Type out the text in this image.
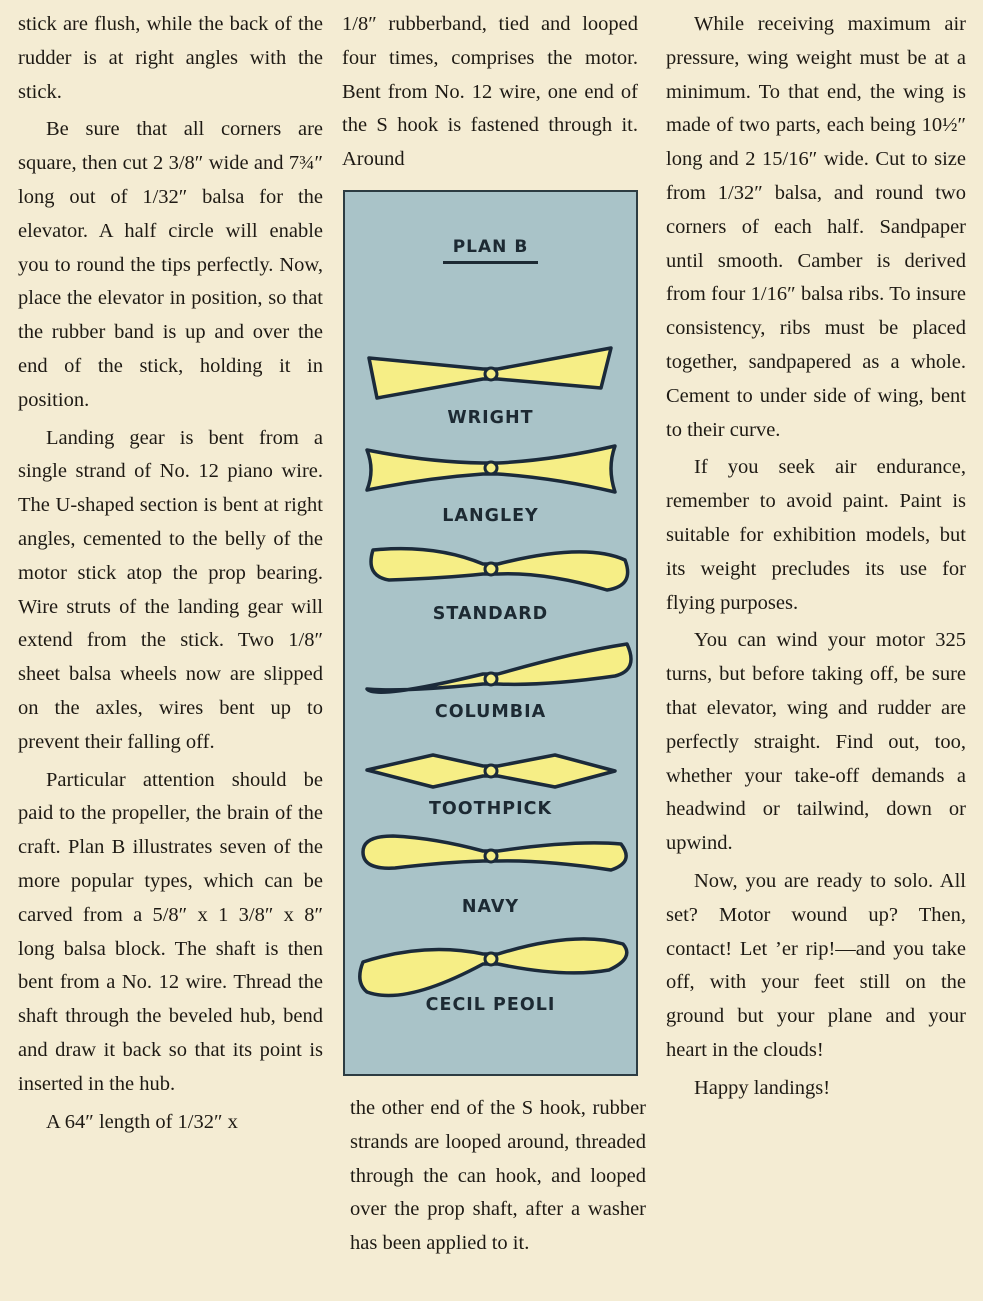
stick are flush, while the back of the rudder is at right angles with the stick.

Be sure that all corners are square, then cut 2 3/8″ wide and 7¾″ long out of 1/32″ balsa for the elevator. A half circle will enable you to round the tips perfectly. Now, place the elevator in position, so that the rubber band is up and over the end of the stick, holding it in position.

Landing gear is bent from a single strand of No. 12 piano wire. The U-shaped section is bent at right angles, cemented to the belly of the motor stick atop the prop bearing. Wire struts of the landing gear will extend from the stick. Two 1/8″ sheet balsa wheels now are slipped on the axles, wires bent up to prevent their falling off.

Particular attention should be paid to the propeller, the brain of the craft. Plan B illustrates seven of the more popular types, which can be carved from a 5/8″ x 1 3/8″ x 8″ long balsa block. The shaft is then bent from a No. 12 wire. Thread the shaft through the beveled hub, bend and draw it back so that its point is inserted in the hub.

A 64″ length of 1/32″ x

1/8″ rubberband, tied and looped four times, comprises the motor. Bent from No. 12 wire, one end of the S hook is fastened through it. Around

PLAN B
WRIGHT
LANGLEY
STANDARD
COLUMBIA
TOOTHPICK
NAVY
CECIL PEOLI

the other end of the S hook, rubber strands are looped around, threaded through the can hook, and looped over the prop shaft, after a washer has been applied to it.

While receiving maximum air pressure, wing weight must be at a minimum. To that end, the wing is made of two parts, each being 10½″ long and 2 15/16″ wide. Cut to size from 1/32″ balsa, and round two corners of each half. Sandpaper until smooth. Camber is derived from four 1/16″ balsa ribs. To insure consistency, ribs must be placed together, sandpapered as a whole. Cement to under side of wing, bent to their curve.

If you seek air endurance, remember to avoid paint. Paint is suitable for exhibition models, but its weight precludes its use for flying purposes.

You can wind your motor 325 turns, but before taking off, be sure that elevator, wing and rudder are perfectly straight. Find out, too, whether your take-off demands a headwind or tailwind, down or upwind.

Now, you are ready to solo. All set? Motor wound up? Then, contact! Let ’er rip!—and you take off, with your feet still on the ground but your plane and your heart in the clouds!

Happy landings!
